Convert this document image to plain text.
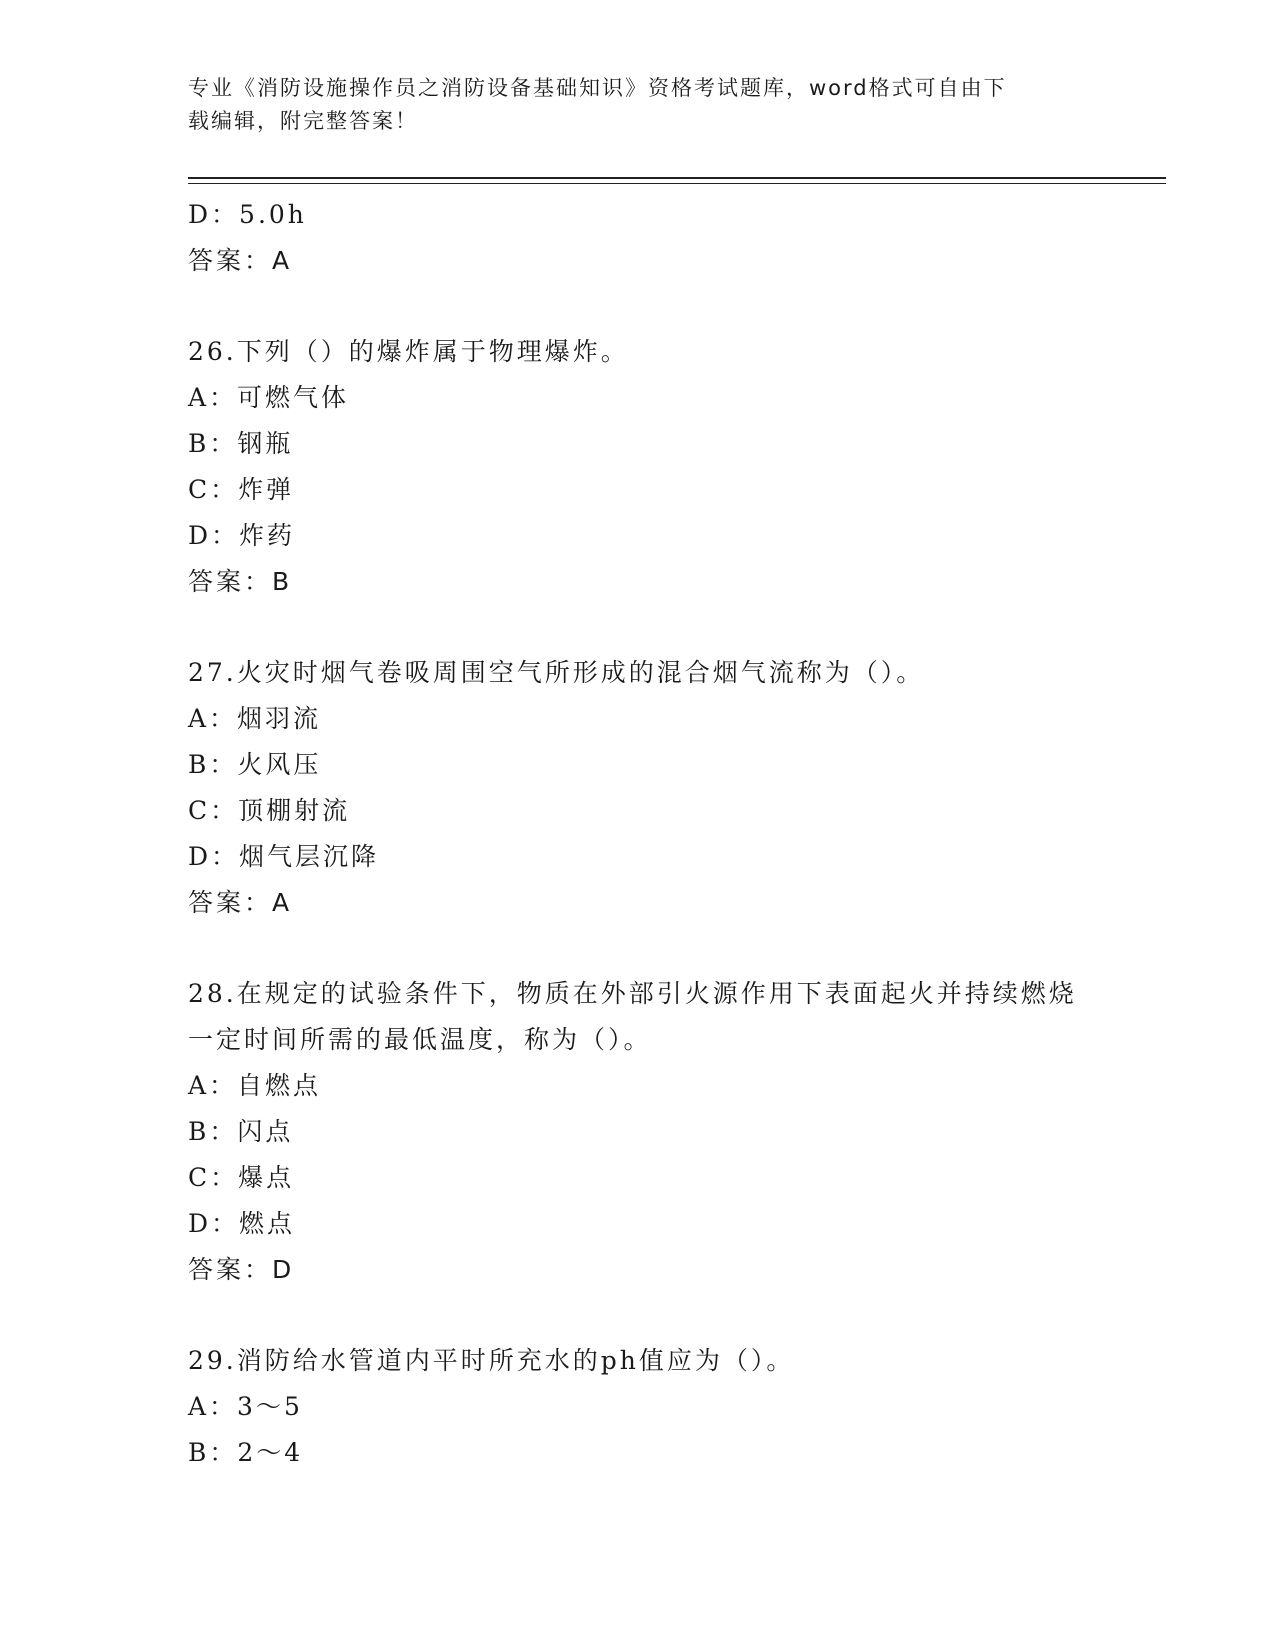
专业《消防设施操作员之消防设备基础知识》资格考试题库，word格式可自由下
载编辑，附完整答案！
D：5.0h
答案：A
26.下列（）的爆炸属于物理爆炸。
A：可燃气体
B：钢瓶
C：炸弹
D：炸药
答案：B
27.火灾时烟气卷吸周围空气所形成的混合烟气流称为（）。
A：烟羽流
B：火风压
C：顶棚射流
D：烟气层沉降
答案：A
28.在规定的试验条件下，物质在外部引火源作用下表面起火并持续燃烧一定时间所需的最低温度，称为（）。
A：自燃点
B：闪点
C：爆点
D：燃点
答案：D
29.消防给水管道内平时所充水的ph值应为（）。
A：3～5
B：2～4
